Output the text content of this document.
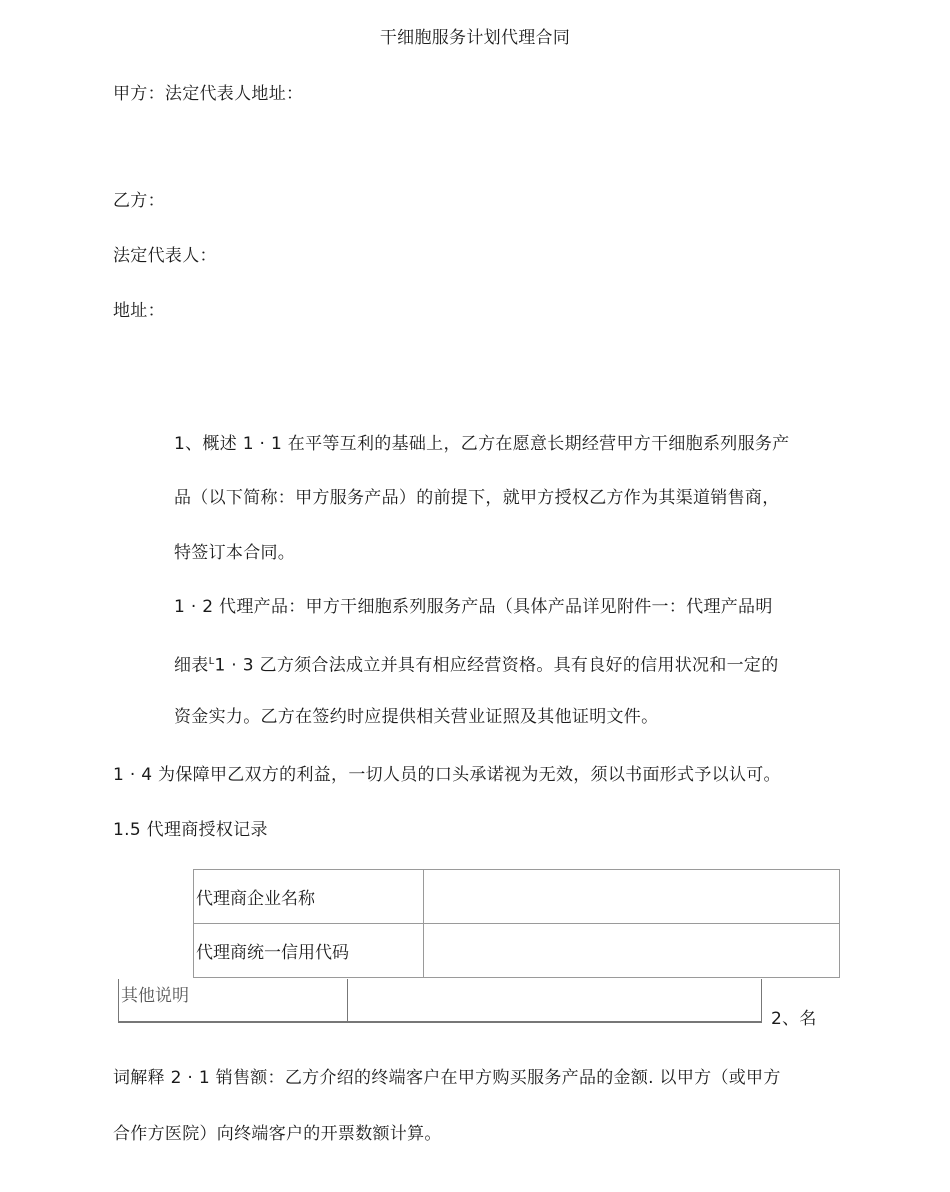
干细胞服务计划代理合同
甲方：法定代表人地址：
乙方：
法定代表人：
地址：
1、概述 1 · 1 在平等互利的基础上，乙方在愿意长期经营甲方干细胞系列服务产
品（以下简称：甲方服务产品）的前提下，就甲方授权乙方作为其渠道销售商，
特签订本合同。
1 · 2 代理产品：甲方干细胞系列服务产品（具体产品详见附件一：代理产品明
细表$^L$1 · 3 乙方须合法成立并具有相应经营资格。具有良好的信用状况和一定的
资金实力。乙方在签约时应提供相关营业证照及其他证明文件。
1 · 4 为保障甲乙双方的利益，一切人员的口头承诺视为无效，须以书面形式予以认可。
1.5 代理商授权记录
代理商企业名称	
代理商统一信用代码	
其他说明
2、名
词解释 2 · 1 销售额：乙方介绍的终端客户在甲方购买服务产品的金额. 以甲方（或甲方
合作方医院）向终端客户的开票数额计算。
